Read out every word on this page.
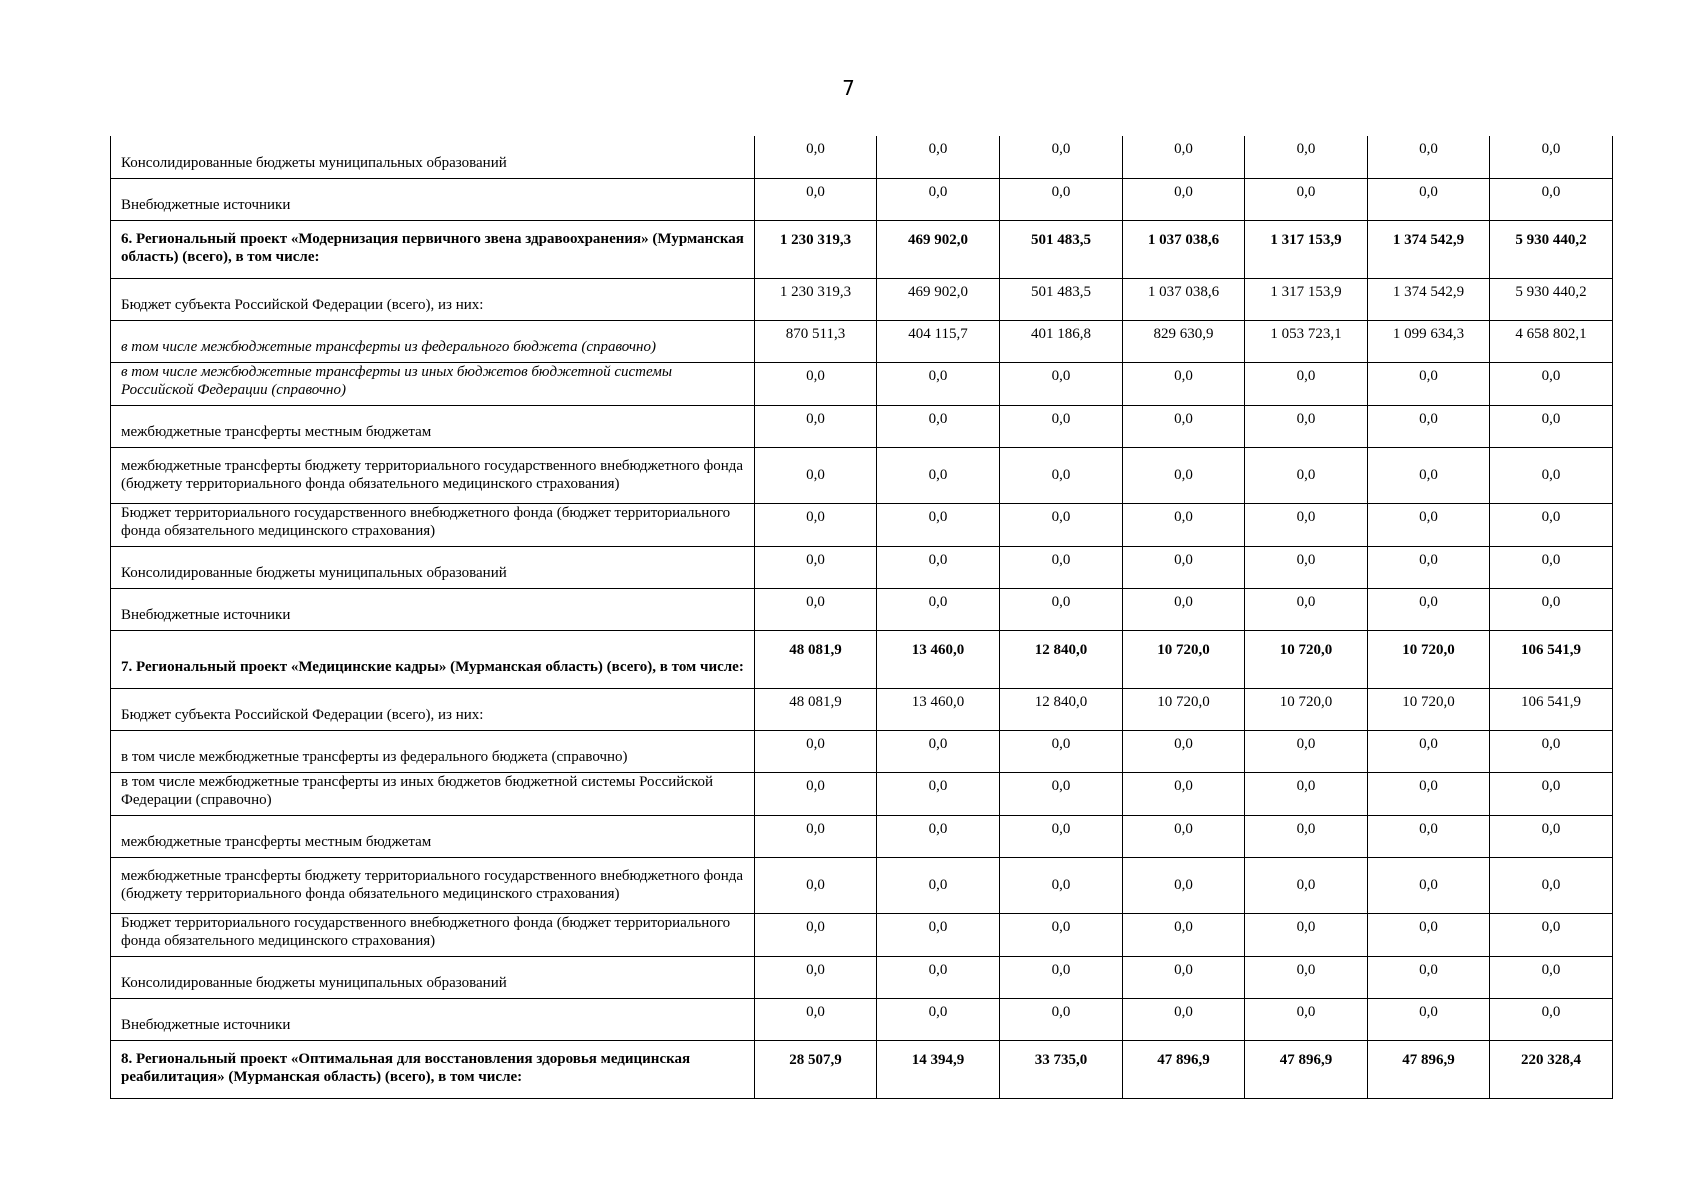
7
Консолидированные бюджеты муниципальных образований	0,0	0,0	0,0	0,0	0,0	0,0	0,0
Внебюджетные источники	0,0	0,0	0,0	0,0	0,0	0,0	0,0
6. Региональный проект «Модернизация первичного звена здравоохранения» (Мурманская область) (всего), в том числе:	1 230 319,3	469 902,0	501 483,5	1 037 038,6	1 317 153,9	1 374 542,9	5 930 440,2
Бюджет субъекта Российской Федерации (всего), из них:	1 230 319,3	469 902,0	501 483,5	1 037 038,6	1 317 153,9	1 374 542,9	5 930 440,2
в том числе межбюджетные трансферты из федерального бюджета (справочно)	870 511,3	404 115,7	401 186,8	829 630,9	1 053 723,1	1 099 634,3	4 658 802,1
в том числе межбюджетные трансферты из иных бюджетов бюджетной системы Российской Федерации (справочно)	0,0	0,0	0,0	0,0	0,0	0,0	0,0
межбюджетные трансферты местным бюджетам	0,0	0,0	0,0	0,0	0,0	0,0	0,0
межбюджетные трансферты бюджету территориального государственного внебюджетного фонда (бюджету территориального фонда обязательного медицинского страхования)	0,0	0,0	0,0	0,0	0,0	0,0	0,0
Бюджет территориального государственного внебюджетного фонда (бюджет территориального фонда обязательного медицинского страхования)	0,0	0,0	0,0	0,0	0,0	0,0	0,0
Консолидированные бюджеты муниципальных образований	0,0	0,0	0,0	0,0	0,0	0,0	0,0
Внебюджетные источники	0,0	0,0	0,0	0,0	0,0	0,0	0,0
7. Региональный проект «Медицинские кадры» (Мурманская область) (всего), в том числе:	48 081,9	13 460,0	12 840,0	10 720,0	10 720,0	10 720,0	106 541,9
Бюджет субъекта Российской Федерации (всего), из них:	48 081,9	13 460,0	12 840,0	10 720,0	10 720,0	10 720,0	106 541,9
в том числе межбюджетные трансферты из федерального бюджета (справочно)	0,0	0,0	0,0	0,0	0,0	0,0	0,0
в том числе межбюджетные трансферты из иных бюджетов бюджетной системы Российской Федерации (справочно)	0,0	0,0	0,0	0,0	0,0	0,0	0,0
межбюджетные трансферты местным бюджетам	0,0	0,0	0,0	0,0	0,0	0,0	0,0
межбюджетные трансферты бюджету территориального государственного внебюджетного фонда (бюджету территориального фонда обязательного медицинского страхования)	0,0	0,0	0,0	0,0	0,0	0,0	0,0
Бюджет территориального государственного внебюджетного фонда (бюджет территориального фонда обязательного медицинского страхования)	0,0	0,0	0,0	0,0	0,0	0,0	0,0
Консолидированные бюджеты муниципальных образований	0,0	0,0	0,0	0,0	0,0	0,0	0,0
Внебюджетные источники	0,0	0,0	0,0	0,0	0,0	0,0	0,0
8. Региональный проект «Оптимальная для восстановления здоровья медицинская реабилитация» (Мурманская область) (всего), в том числе:	28 507,9	14 394,9	33 735,0	47 896,9	47 896,9	47 896,9	220 328,4
